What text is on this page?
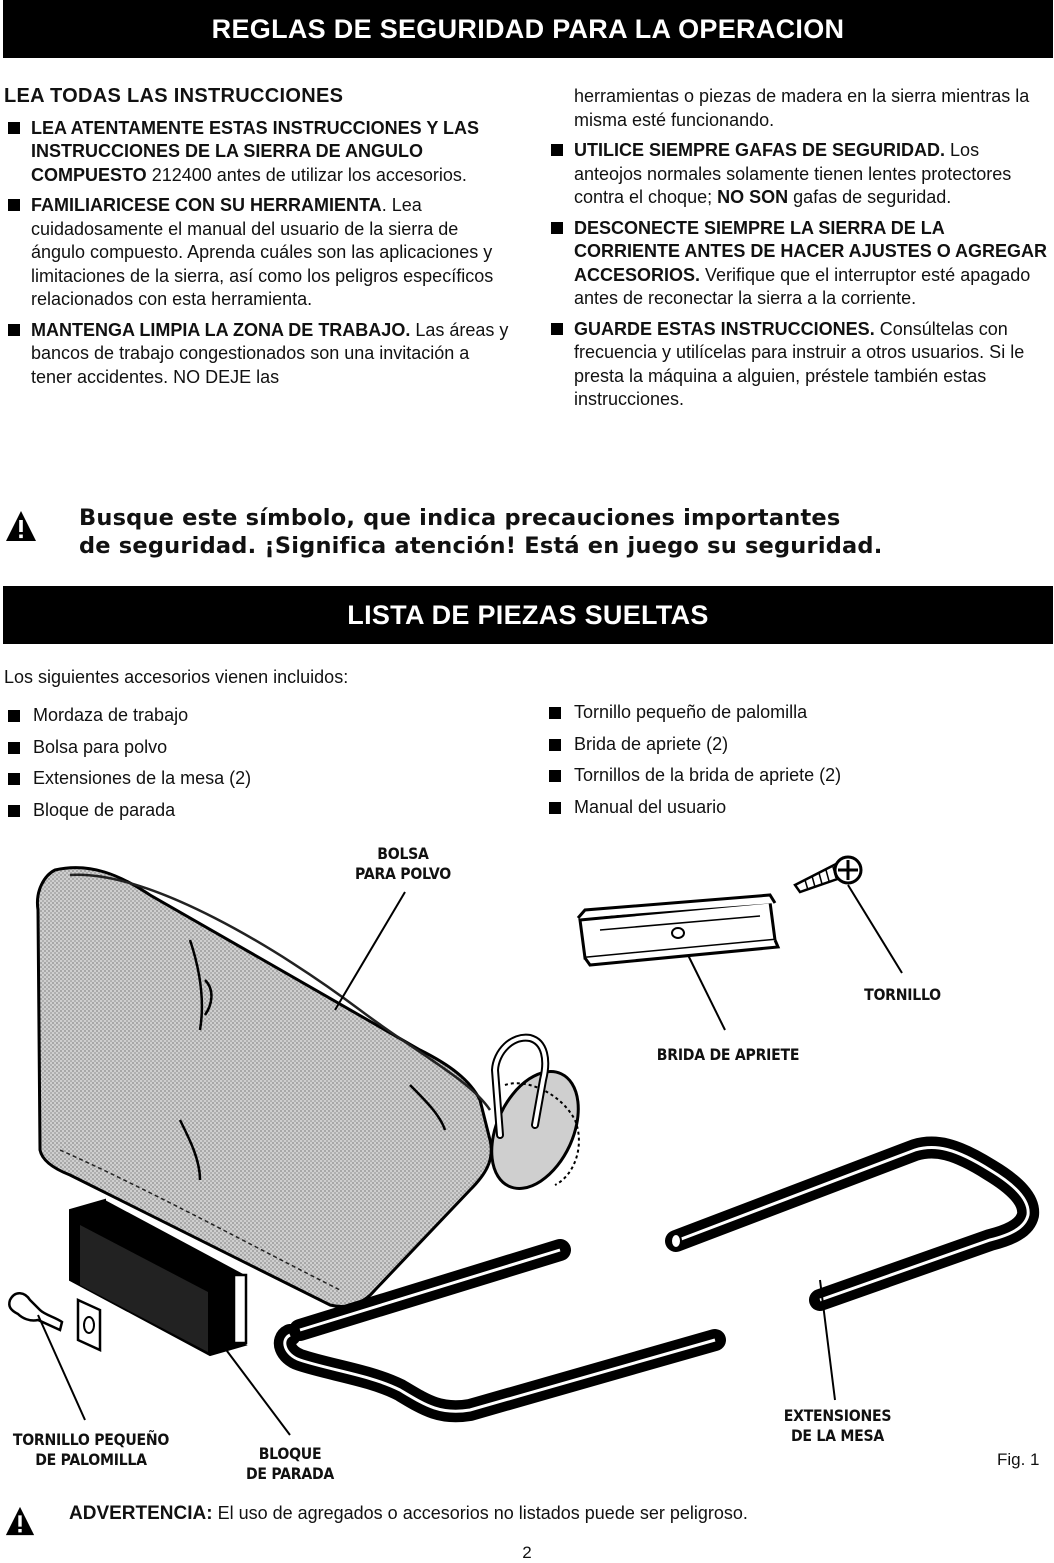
REGLAS DE SEGURIDAD PARA LA OPERACION
LEA TODAS LAS INSTRUCCIONES
LEA ATENTAMENTE ESTAS INSTRUCCIONES Y LAS INSTRUCCIONES DE LA SIERRA DE ANGULO COMPUESTO 212400 antes de utilizar los accesorios.
FAMILIARICESE CON SU HERRAMIENTA. Lea cuidadosamente el manual del usuario de la sierra de ángulo compuesto. Aprenda cuáles son las aplicaciones y limitaciones de la sierra, así como los peligros específicos relacionados con esta herramienta.
MANTENGA LIMPIA LA ZONA DE TRABAJO. Las áreas y bancos de trabajo congestionados son una invitación a tener accidentes. NO DEJE las

herramientas o piezas de madera en la sierra mientras la misma esté funcionando.

UTILICE SIEMPRE GAFAS DE SEGURIDAD. Los anteojos normales solamente tienen lentes protectores contra el choque; NO SON gafas de seguridad.
DESCONECTE SIEMPRE LA SIERRA DE LA CORRIENTE ANTES DE HACER AJUSTES O AGREGAR ACCESORIOS. Verifique que el interruptor esté apagado antes de reconectar la sierra a la corriente.
GUARDE ESTAS INSTRUCCIONES. Consúltelas con frecuencia y utilícelas para instruir a otros usuarios. Si le presta la máquina a alguien, préstele también estas instrucciones.
Busque este símbolo, que indica precauciones importantes
de seguridad. ¡Significa atención! Está en juego su seguridad.
LISTA DE PIEZAS SUELTAS
Los siguientes accesorios vienen incluidos:
Mordaza de trabajo
Bolsa para polvo
Extensiones de la mesa (2)
Bloque de parada
Tornillo pequeño de palomilla
Brida de apriete (2)
Tornillos de la brida de apriete (2)
Manual del usuario
BOLSA
PARA POLVO
TORNILLO
BRIDA DE APRIETE
TORNILLO PEQUEÑO
DE PALOMILLA	BLOQUE
DE PARADA
EXTENSIONES
DE LA MESA
Fig. 1
ADVERTENCIA: El uso de agregados o accesorios no listados puede ser peligroso.
2
